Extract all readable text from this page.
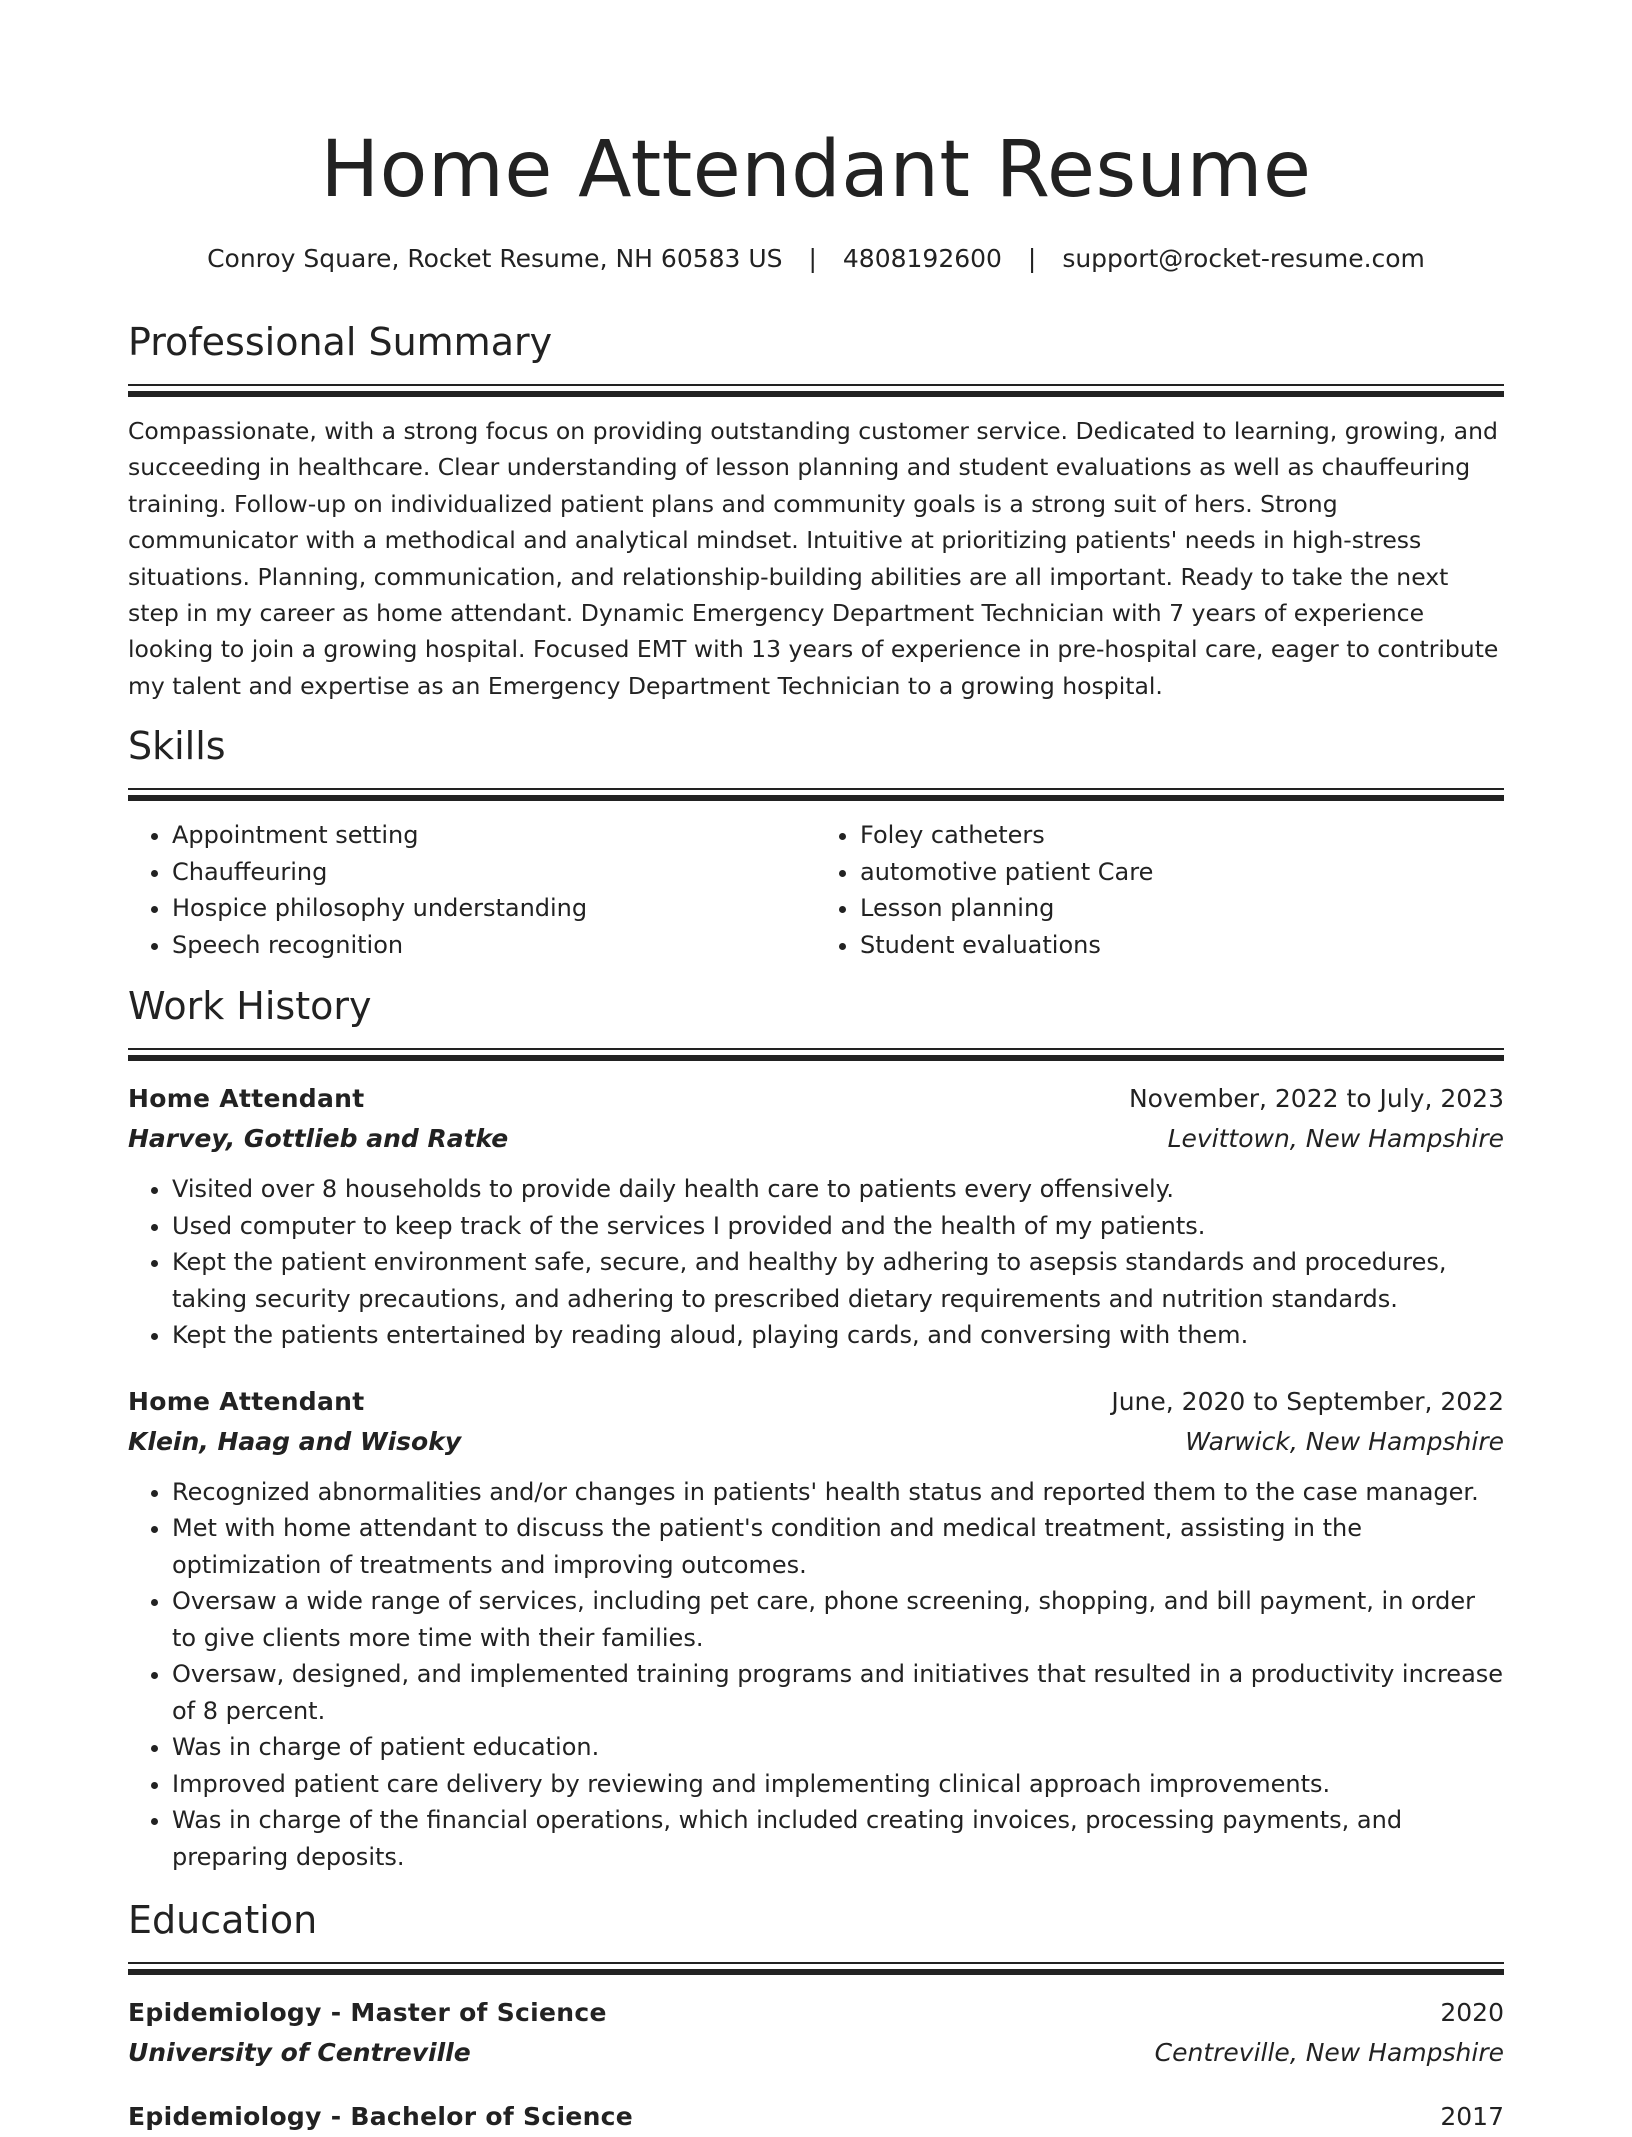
Home Attendant Resume
Conroy Square, Rocket Resume, NH 60583 US | 4808192600 | support@rocket-resume.com
Professional Summary
Compassionate, with a strong focus on providing outstanding customer service. Dedicated to learning, growing, and succeeding in healthcare. Clear understanding of lesson planning and student evaluations as well as chauffeuring training. Follow-up on individualized patient plans and community goals is a strong suit of hers. Strong communicator with a methodical and analytical mindset. Intuitive at prioritizing patients' needs in high-stress situations. Planning, communication, and relationship-building abilities are all important. Ready to take the next step in my career as home attendant. Dynamic Emergency Department Technician with 7 years of experience looking to join a growing hospital. Focused EMT with 13 years of experience in pre-hospital care, eager to contribute my talent and expertise as an Emergency Department Technician to a growing hospital.
Skills
• Appointment setting
• Chauffeuring
• Hospice philosophy understanding
• Speech recognition
• Foley catheters
• automotive patient Care
• Lesson planning
• Student evaluations
Work History
Home Attendant	November, 2022 to July, 2023
Harvey, Gottlieb and Ratke	Levittown, New Hampshire
• Visited over 8 households to provide daily health care to patients every offensively.
• Used computer to keep track of the services I provided and the health of my patients.
• Kept the patient environment safe, secure, and healthy by adhering to asepsis standards and procedures, taking security precautions, and adhering to prescribed dietary requirements and nutrition standards.
• Kept the patients entertained by reading aloud, playing cards, and conversing with them.
Home Attendant	June, 2020 to September, 2022
Klein, Haag and Wisoky	Warwick, New Hampshire
• Recognized abnormalities and/or changes in patients' health status and reported them to the case manager.
• Met with home attendant to discuss the patient's condition and medical treatment, assisting in the optimization of treatments and improving outcomes.
• Oversaw a wide range of services, including pet care, phone screening, shopping, and bill payment, in order to give clients more time with their families.
• Oversaw, designed, and implemented training programs and initiatives that resulted in a productivity increase of 8 percent.
• Was in charge of patient education.
• Improved patient care delivery by reviewing and implementing clinical approach improvements.
• Was in charge of the financial operations, which included creating invoices, processing payments, and preparing deposits.
Education
Epidemiology - Master of Science	2020
University of Centreville	Centreville, New Hampshire
Epidemiology - Bachelor of Science	2017
